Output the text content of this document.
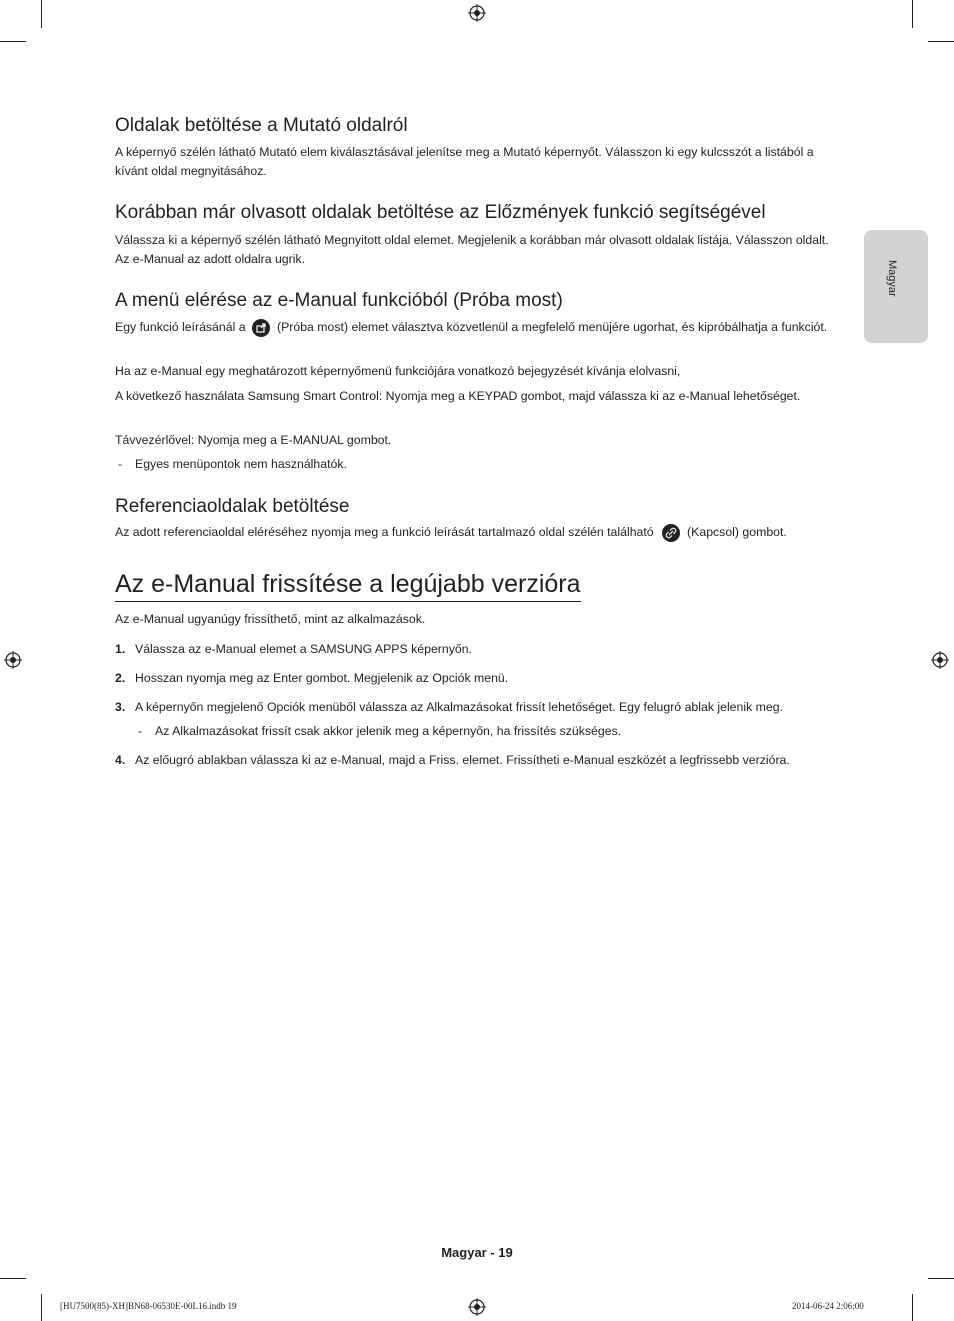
Magyar
Oldalak betöltése a Mutató oldalról

A képernyő szélén látható Mutató elem kiválasztásával jelenítse meg a Mutató képernyőt. Válasszon ki egy kulcsszót a listából a kívánt oldal megnyitásához.

Korábban már olvasott oldalak betöltése az Előzmények funkció segítségével

Válassza ki a képernyő szélén látható Megnyitott oldal elemet. Megjelenik a korábban már olvasott oldalak listája. Válasszon oldalt. Az e-Manual az adott oldalra ugrik.

A menü elérése az e-Manual funkcióból (Próba most)

Egy funkció leírásánál a
(Próba most) elemet választva közvetlenül a megfelelő menüjére ugorhat, és kipróbálhatja a funkciót.

Ha az e-Manual egy meghatározott képernyőmenü funkciójára vonatkozó bejegyzését kívánja elolvasni,

A következő használata Samsung Smart Control: Nyomja meg a KEYPAD gombot, majd válassza ki az e-Manual lehetőséget.

Távvezérlővel: Nyomja meg a E-MANUAL gombot.

- Egyes menüpontok nem használhatók.

Referenciaoldalak betöltése

Az adott referenciaoldal eléréséhez nyomja meg a funkció leírását tartalmazó oldal szélén található
(Kapcsol) gombot.

Az e-Manual frissítése a legújabb verzióra

Az e-Manual ugyanúgy frissíthető, mint az alkalmazások.

1. Válassza az e-Manual elemet a SAMSUNG APPS képernyőn.
2. Hosszan nyomja meg az Enter gombot. Megjelenik az Opciók menü.
3. A képernyőn megjelenő Opciók menüből válassza az Alkalmazásokat frissít lehetőséget. Egy felugró ablak jelenik meg.
- Az Alkalmazásokat frissít csak akkor jelenik meg a képernyőn, ha frissítés szükséges.
4. Az előugró ablakban válassza ki az e-Manual, majd a Friss. elemet. Frissítheti e-Manual eszközét a legfrissebb verzióra.
Magyar - 19
[HU7500(85)-XH]BN68-06530E-00L16.indb 19	2014-06-24 2:06:00
